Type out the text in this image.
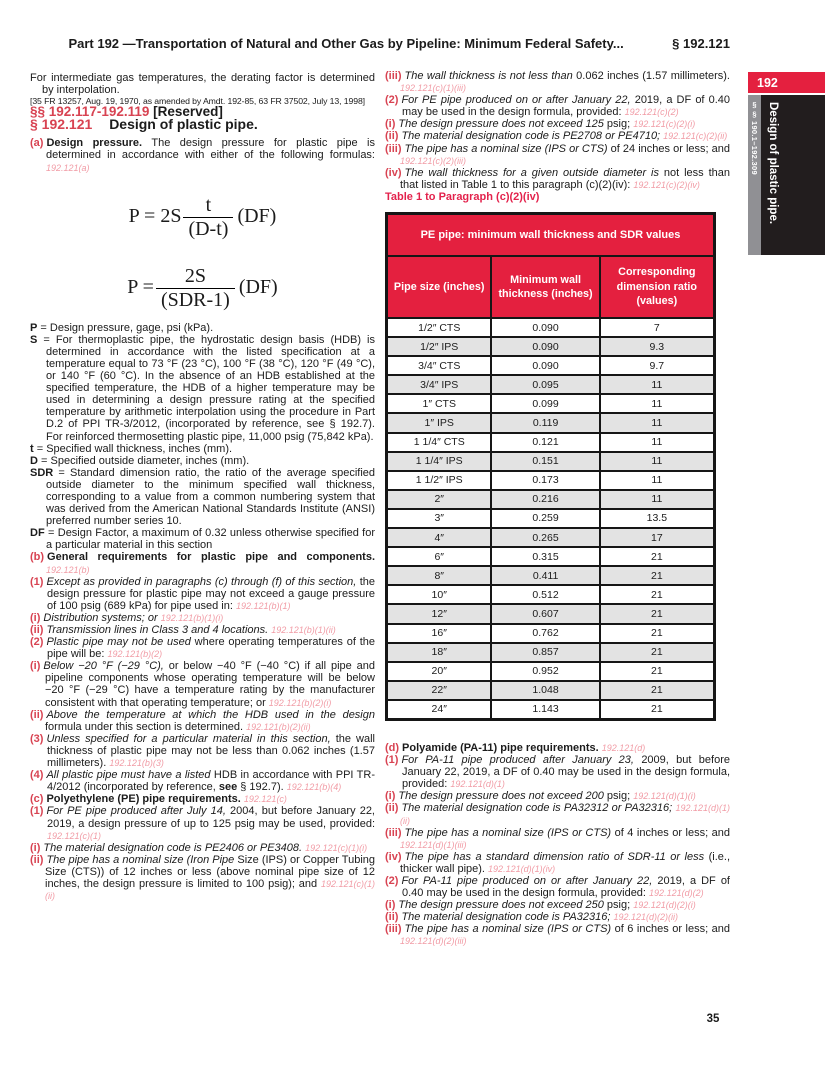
Part 192 —Transportation of Natural and Other Gas by Pipeline: Minimum Federal Safety...	§ 192.121
192
§§ 190.1–192.309 Design of plastic pipe.

For intermediate gas temperatures, the derating factor is determined by interpolation.

[35 FR 13257, Aug. 19, 1970, as amended by Amdt. 192-85, 63 FR 37502, July 13, 1998]

§§ 192.117-192.119 [Reserved]

§ 192.121 Design of plastic pipe.

(a) Design pressure. The design pressure for plastic pipe is determined in accordance with either of the following formulas: 192.121(a)

$P = 2S \frac{t}{(D-t)} (DF)$
$P = \frac{2S}{\text{(SDR-1)}} (DF)$

P = Design pressure, gage, psi (kPa).

S = For thermoplastic pipe, the hydrostatic design basis (HDB) is determined in accordance with the listed specification at a temperature equal to 73 °F (23 °C), 100 °F (38 °C), 120 °F (49 °C), or 140 °F (60 °C). In the absence of an HDB established at the specified temperature, the HDB of a higher temperature may be used in determining a design pressure rating at the specified temperature by arithmetic interpolation using the procedure in Part D.2 of PPI TR-3/2012, (incorporated by reference, see § 192.7). For reinforced thermosetting plastic pipe, 11,000 psig (75,842 kPa).

t = Specified wall thickness, inches (mm).

D = Specified outside diameter, inches (mm).

SDR = Standard dimension ratio, the ratio of the average specified outside diameter to the minimum specified wall thickness, corresponding to a value from a common numbering system that was derived from the American National Standards Institute (ANSI) preferred number series 10.

DF = Design Factor, a maximum of 0.32 unless otherwise specified for a particular material in this section

(b) General requirements for plastic pipe and components. 192.121(b)

(1) Except as provided in paragraphs (c) through (f) of this section, the design pressure for plastic pipe may not exceed a gauge pressure of 100 psig (689 kPa) for pipe used in: 192.121(b)(1)

(i) Distribution systems; or 192.121(b)(1)(i)

(ii) Transmission lines in Class 3 and 4 locations. 192.121(b)(1)(ii)

(2) Plastic pipe may not be used where operating temperatures of the pipe will be: 192.121(b)(2)

(i) Below −20 °F (−29 °C), or below −40 °F (−40 °C) if all pipe and pipeline components whose operating temperature will be below −20 °F (−29 °C) have a temperature rating by the manufacturer consistent with that operating temperature; or 192.121(b)(2)(i)

(ii) Above the temperature at which the HDB used in the design formula under this section is determined. 192.121(b)(2)(ii)

(3) Unless specified for a particular material in this section, the wall thickness of plastic pipe may not be less than 0.062 inches (1.57 millimeters). 192.121(b)(3)

(4) All plastic pipe must have a listed HDB in accordance with PPI TR-4/2012 (incorporated by reference, see § 192.7). 192.121(b)(4)

(c) Polyethylene (PE) pipe requirements. 192.121(c)

(1) For PE pipe produced after July 14, 2004, but before January 22, 2019, a design pressure of up to 125 psig may be used, provided: 192.121(c)(1)

(i) The material designation code is PE2406 or PE3408. 192.121(c)(1)(i)

(ii) The pipe has a nominal size (Iron Pipe Size (IPS) or Copper Tubing Size (CTS)) of 12 inches or less (above nominal pipe size of 12 inches, the design pressure is limited to 100 psig); and 192.121(c)(1)(ii)

(iii) The wall thickness is not less than 0.062 inches (1.57 millimeters). 192.121(c)(1)(iii)

(2) For PE pipe produced on or after January 22, 2019, a DF of 0.40 may be used in the design formula, provided: 192.121(c)(2)

(i) The design pressure does not exceed 125 psig; 192.121(c)(2)(i)

(ii) The material designation code is PE2708 or PE4710; 192.121(c)(2)(ii)

(iii) The pipe has a nominal size (IPS or CTS) of 24 inches or less; and 192.121(c)(2)(iii)

(iv) The wall thickness for a given outside diameter is not less than that listed in Table 1 to this paragraph (c)(2)(iv): 192.121(c)(2)(iv)

Table 1 to Paragraph (c)(2)(iv)

PE pipe: minimum wall thickness and SDR values		
Pipe size (inches)	Minimum wall thickness (inches)	Corresponding dimension ratio (values)
1/2″ CTS	0.090	7
1/2″ IPS	0.090	9.3
3/4″ CTS	0.090	9.7
3/4″ IPS	0.095	11
1″ CTS	0.099	11
1″ IPS	0.119	11
1 1/4″ CTS	0.121	11
1 1/4″ IPS	0.151	11
1 1/2″ IPS	0.173	11
2″	0.216	11
3″	0.259	13.5
4″	0.265	17
6″	0.315	21
8″	0.411	21
10″	0.512	21
12″	0.607	21
16″	0.762	21
18″	0.857	21
20″	0.952	21
22″	1.048	21
24″	1.143	21

(d) Polyamide (PA-11) pipe requirements. 192.121(d)

(1) For PA-11 pipe produced after January 23, 2009, but before January 22, 2019, a DF of 0.40 may be used in the design formula, provided: 192.121(d)(1)

(i) The design pressure does not exceed 200 psig; 192.121(d)(1)(i)

(ii) The material designation code is PA32312 or PA32316; 192.121(d)(1)(ii)

(iii) The pipe has a nominal size (IPS or CTS) of 4 inches or less; and 192.121(d)(1)(iii)

(iv) The pipe has a standard dimension ratio of SDR-11 or less (i.e., thicker wall pipe). 192.121(d)(1)(iv)

(2) For PA-11 pipe produced on or after January 22, 2019, a DF of 0.40 may be used in the design formula, provided: 192.121(d)(2)

(i) The design pressure does not exceed 250 psig; 192.121(d)(2)(i)

(ii) The material designation code is PA32316; 192.121(d)(2)(ii)

(iii) The pipe has a nominal size (IPS or CTS) of 6 inches or less; and 192.121(d)(2)(iii)

35
